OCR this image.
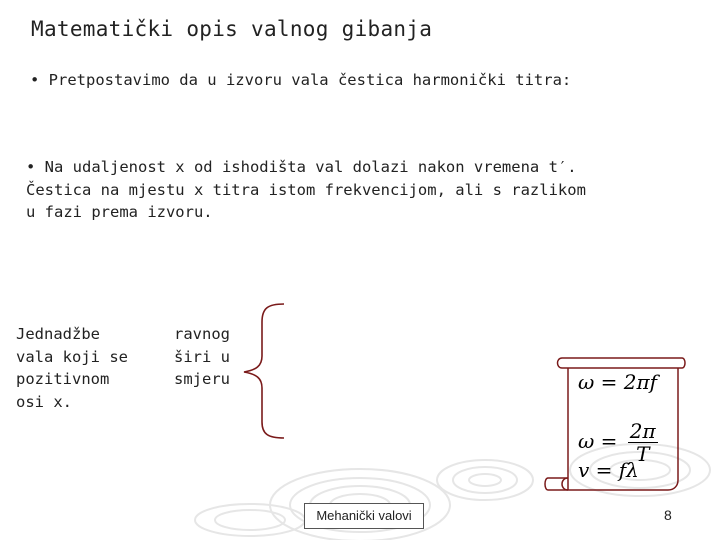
Matematički opis valnog gibanja
• Pretpostavimo da u izvoru vala čestica harmonički titra:
• Na udaljenost x od ishodišta val dolazi nakon vremena t′.
Čestica na mjestu x titra istom frekvencijom, ali s razlikom
u fazi prema izvoru.
Jednadžbe	ravnog
vala koji se	širi u
pozitivnom	smjeru
osi x.
ω = 2πf
$\omega = \frac{2\pi}{T}$
v = fλ
Mehanički valovi	8
